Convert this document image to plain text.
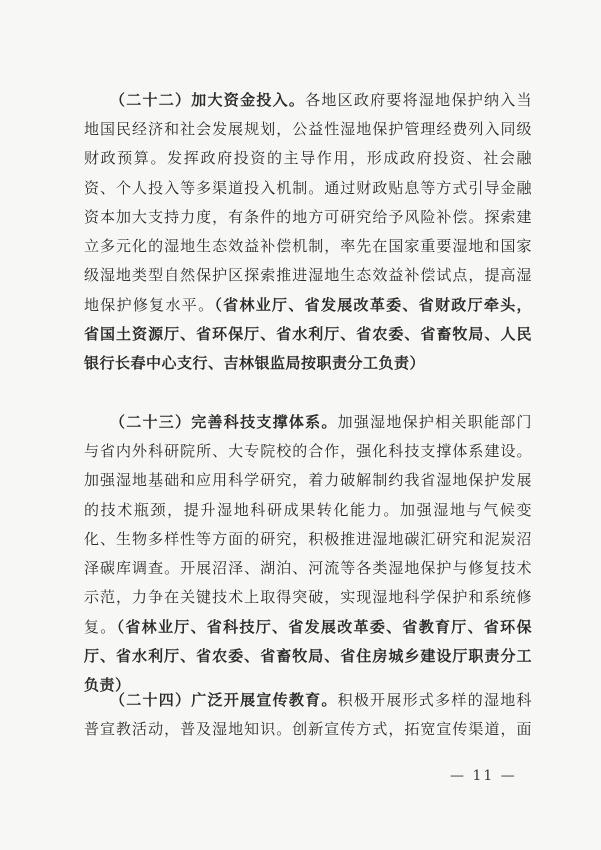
（二十二）加大资金投入。各地区政府要将湿地保护纳入当
地国民经济和社会发展规划，公益性湿地保护管理经费列入同级
财政预算。发挥政府投资的主导作用，形成政府投资、社会融
资、个人投入等多渠道投入机制。通过财政贴息等方式引导金融
资本加大支持力度，有条件的地方可研究给予风险补偿。探索建
立多元化的湿地生态效益补偿机制，率先在国家重要湿地和国家
级湿地类型自然保护区探索推进湿地生态效益补偿试点，提高湿
地保护修复水平。（省林业厅、省发展改革委、省财政厅牵头，
省国土资源厅、省环保厅、省水利厅、省农委、省畜牧局、人民
银行长春中心支行、吉林银监局按职责分工负责）
（二十三）完善科技支撑体系。加强湿地保护相关职能部门
与省内外科研院所、大专院校的合作，强化科技支撑体系建设。
加强湿地基础和应用科学研究，着力破解制约我省湿地保护发展
的技术瓶颈，提升湿地科研成果转化能力。加强湿地与气候变
化、生物多样性等方面的研究，积极推进湿地碳汇研究和泥炭沼
泽碳库调查。开展沼泽、湖泊、河流等各类湿地保护与修复技术
示范，力争在关键技术上取得突破，实现湿地科学保护和系统修
复。（省林业厅、省科技厅、省发展改革委、省教育厅、省环保
厅、省水利厅、省农委、省畜牧局、省住房城乡建设厅职责分工
负责）
（二十四）广泛开展宣传教育。积极开展形式多样的湿地科
普宣教活动，普及湿地知识。创新宣传方式，拓宽宣传渠道，面
— 11 —
